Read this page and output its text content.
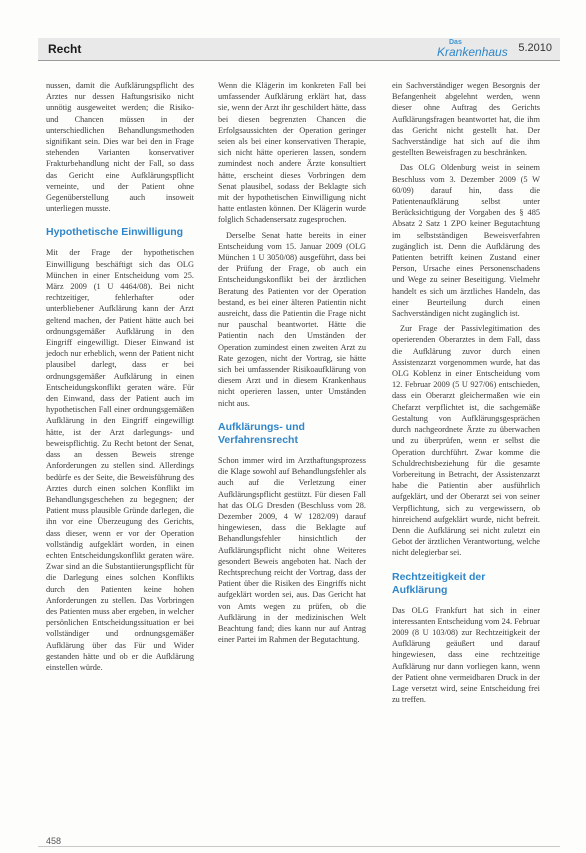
Recht	Das
Krankenhaus 5.2010

nussen, damit die Aufklärungspflicht des Arztes nur dessen Haftungsrisiko nicht unnötig ausgeweitet werden; die Risiko- und Chancen müssen in der unterschiedlichen Behandlungsmethoden signifikant sein. Dies war bei den in Frage stehenden Varianten konservativer Frakturbehandlung nicht der Fall, so dass das Gericht eine Aufklärungspflicht verneinte, und der Patient ohne Gegenüberstellung auch insoweit unterliegen musste.

Hypothetische Einwilligung

Mit der Frage der hypothetischen Einwilligung beschäftigt sich das OLG München in einer Entscheidung vom 25. März 2009 (1 U 4464/08). Bei nicht rechtzeitiger, fehlerhafter oder unterbliebener Aufklärung kann der Arzt geltend machen, der Patient hätte auch bei ordnungsgemäßer Aufklärung in den Eingriff eingewilligt. Dieser Einwand ist jedoch nur erheblich, wenn der Patient nicht plausibel darlegt, dass er bei ordnungsgemäßer Aufklärung in einen Entscheidungskonflikt geraten wäre. Für den Einwand, dass der Patient auch im hypothetischen Fall einer ordnungsgemäßen Aufklärung in den Eingriff eingewilligt hätte, ist der Arzt darlegungs- und beweispflichtig. Zu Recht betont der Senat, dass an dessen Beweis strenge Anforderungen zu stellen sind. Allerdings bedürfe es der Seite, die Beweisführung des Arztes durch einen solchen Konflikt im Behandlungsgeschehen zu begegnen; der Patient muss plausible Gründe darlegen, die ihn vor eine Überzeugung des Gerichts, dass dieser, wenn er vor der Operation vollständig aufgeklärt worden, in einen echten Entscheidungskonflikt geraten wäre. Zwar sind an die Substantiierungspflicht für die Darlegung eines solchen Konflikts durch den Patienten keine hohen Anforderungen zu stellen. Das Vorbringen des Patienten muss aber ergeben, in welcher persönlichen Entscheidungssituation er bei vollständiger und ordnungsgemäßer Aufklärung über das Für und Wider gestanden hätte und ob er die Aufklärung einstellen würde.

Wenn die Klägerin im konkreten Fall bei umfassender Aufklärung erklärt hat, dass sie, wenn der Arzt ihr geschildert hätte, dass bei diesen begrenzten Chancen die Erfolgsaussichten der Operation geringer seien als bei einer konservativen Therapie, sich nicht hätte operieren lassen, sondern zumindest noch andere Ärzte konsultiert hätte, erscheint dieses Vorbringen dem Senat plausibel, sodass der Beklagte sich mit der hypothetischen Einwilligung nicht hatte entlasten können. Der Klägerin wurde folglich Schadensersatz zugesprochen.

Derselbe Senat hatte bereits in einer Entscheidung vom 15. Januar 2009 (OLG München 1 U 3050/08) ausgeführt, dass bei der Prüfung der Frage, ob auch ein Entscheidungskonflikt bei der ärztlichen Beratung des Patienten vor der Operation bestand, es bei einer älteren Patientin nicht ausreicht, dass die Patientin die Frage nicht nur pauschal beantwortet. Hätte die Patientin nach den Umständen der Operation zumindest einen zweiten Arzt zu Rate gezogen, nicht der Vortrag, sie hätte sich bei umfassender Risikoaufklärung von diesem Arzt und in diesem Krankenhaus nicht operieren lassen, unter Umständen nicht aus.

Aufklärungs- und Verfahrensrecht

Schon immer wird im Arzthaftungsprozess die Klage sowohl auf Behandlungsfehler als auch auf die Verletzung einer Aufklärungspflicht gestützt. Für diesen Fall hat das OLG Dresden (Beschluss vom 28. Dezember 2009, 4 W 1282/09) darauf hingewiesen, dass die Beklagte auf Behandlungsfehler hinsichtlich der Aufklärungspflicht nicht ohne Weiteres gesondert Beweis angeboten hat. Nach der Rechtsprechung reicht der Vortrag, dass der Patient über die Risiken des Eingriffs nicht aufgeklärt worden sei, aus. Das Gericht hat von Amts wegen zu prüfen, ob die Aufklärung in der medizinischen Welt Beachtung fand; dies kann nur auf Antrag einer Partei im Rahmen der Begutachtung.

ein Sachverständiger wegen Besorgnis der Befangenheit abgelehnt werden, wenn dieser ohne Auftrag des Gerichts Aufklärungsfragen beantwortet hat, die ihm das Gericht nicht gestellt hat. Der Sachverständige hat sich auf die ihm gestellten Beweisfragen zu beschränken.

Das OLG Oldenburg weist in seinem Beschluss vom 3. Dezember 2009 (5 W 60/09) darauf hin, dass die Patientenaufklärung selbst unter Berücksichtigung der Vorgaben des § 485 Absatz 2 Satz 1 ZPO keiner Begutachtung im selbstständigen Beweisverfahren zugänglich ist. Denn die Aufklärung des Patienten betrifft keinen Zustand einer Person, Ursache eines Personenschadens und Wege zu seiner Beseitigung. Vielmehr handelt es sich um ärztliches Handeln, das einer Beurteilung durch einen Sachverständigen nicht zugänglich ist.

Zur Frage der Passivlegitimation des operierenden Oberarztes in dem Fall, dass die Aufklärung zuvor durch einen Assistenzarzt vorgenommen wurde, hat das OLG Koblenz in einer Entscheidung vom 12. Februar 2009 (5 U 927/06) entschieden, dass ein Oberarzt gleichermaßen wie ein Chefarzt verpflichtet ist, die sachgemäße Gestaltung von Aufklärungsgesprächen durch nachgeordnete Ärzte zu überwachen und zu überprüfen, wenn er selbst die Operation durchführt. Zwar komme die Schuldrechtsbeziehung für die gesamte Vorbereitung in Betracht, der Assistenzarzt habe die Patientin aber ausführlich aufgeklärt, und der Oberarzt sei von seiner Verpflichtung, sich zu vergewissern, ob hinreichend aufgeklärt wurde, nicht befreit. Denn die Aufklärung sei nicht zuletzt ein Gebot der ärztlichen Verantwortung, welche nicht delegierbar sei.

Rechtzeitigkeit der Aufklärung

Das OLG Frankfurt hat sich in einer interessanten Entscheidung vom 24. Februar 2009 (8 U 103/08) zur Rechtzeitigkeit der Aufklärung geäußert und darauf hingewiesen, dass eine rechtzeitige Aufklärung nur dann vorliegen kann, wenn der Patient ohne vermeidbaren Druck in der Lage versetzt wird, seine Entscheidung frei zu treffen.

458
